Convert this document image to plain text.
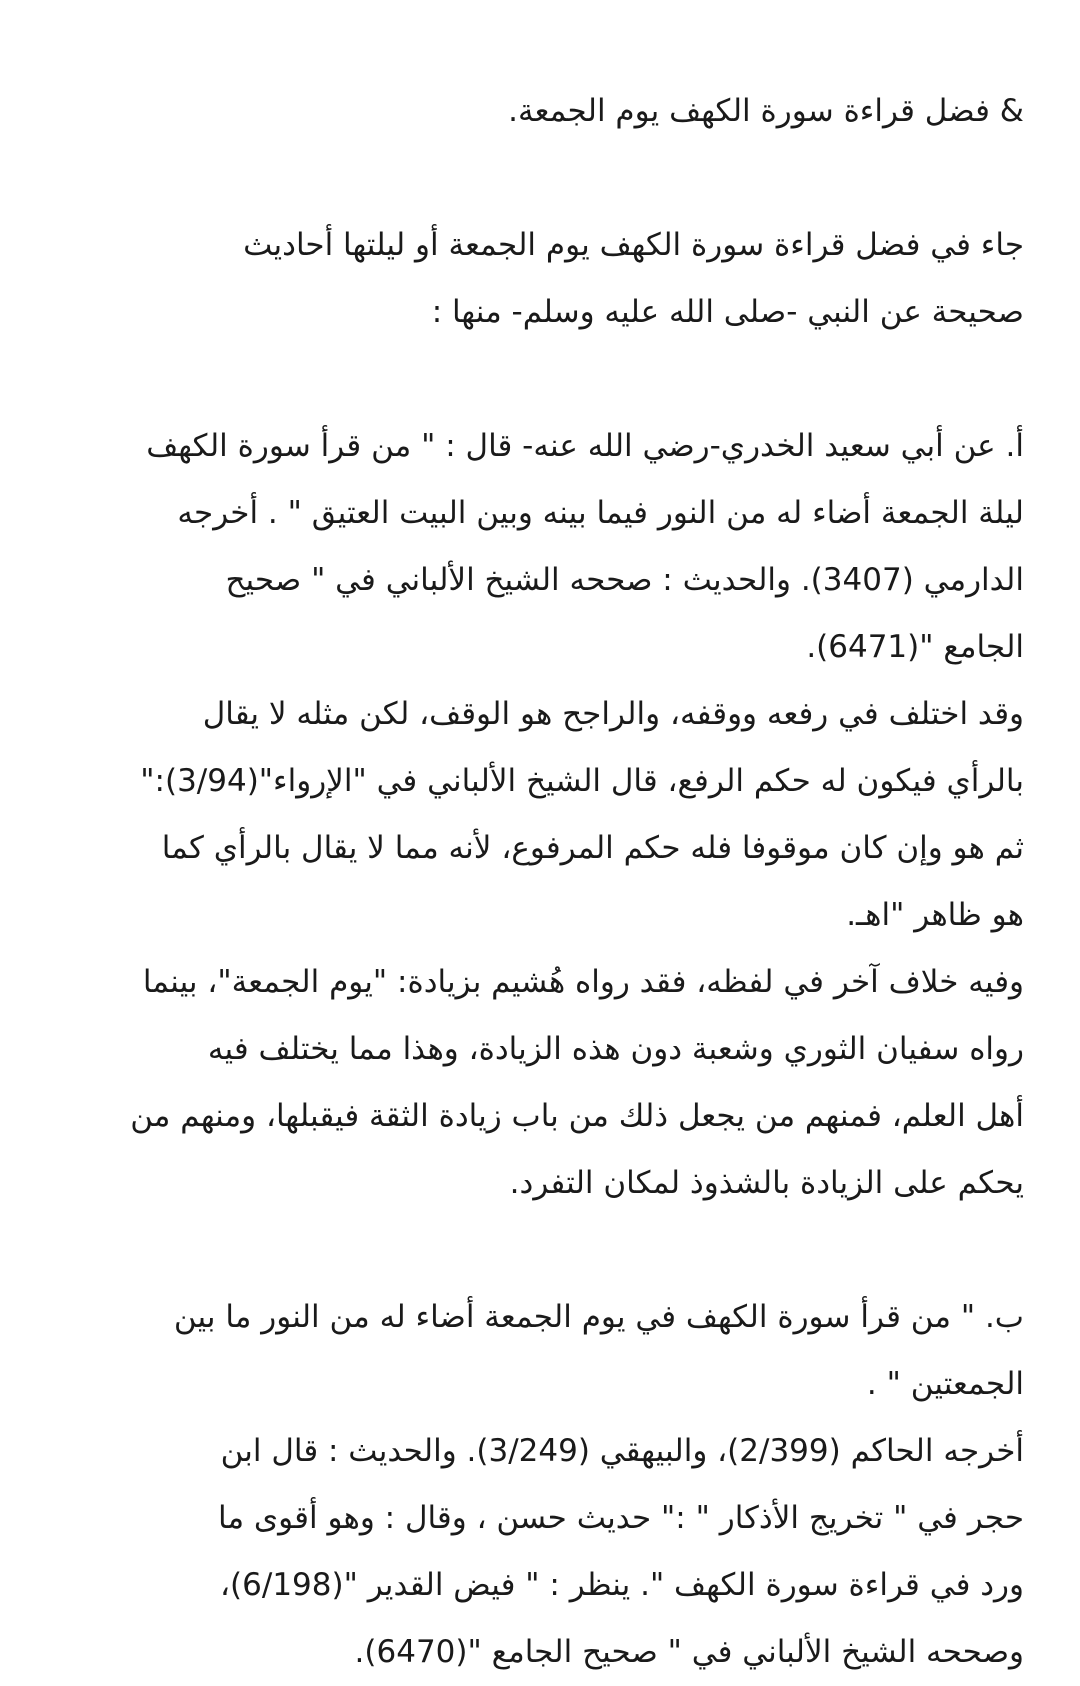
& فضل قراءة سورة الكهف يوم الجمعة.
جاء في فضل قراءة سورة الكهف يوم الجمعة أو ليلتها أحاديث
صحيحة عن النبي -صلى الله عليه وسلم- منها :
أ. عن أبي سعيد الخدري-رضي الله عنه- قال : " من قرأ سورة الكهف
ليلة الجمعة أضاء له من النور فيما بينه وبين البيت العتيق " . أخرجه
الدارمي (3407). والحديث : صححه الشيخ الألباني في " صحيح
الجامع "(6471).
وقد اختلف في رفعه ووقفه، والراجح هو الوقف، لكن مثله لا يقال
بالرأي فيكون له حكم الرفع، قال الشيخ الألباني في "الإرواء"(3/94):"
ثم هو وإن كان موقوفا فله حكم المرفوع، لأنه مما لا يقال بالرأي كما
هو ظاهر "اهـ.
وفيه خلاف آخر في لفظه، فقد رواه هُشيم بزيادة: "يوم الجمعة"، بينما
رواه سفيان الثوري وشعبة دون هذه الزيادة، وهذا مما يختلف فيه
أهل العلم، فمنهم من يجعل ذلك من باب زيادة الثقة فيقبلها، ومنهم من
يحكم على الزيادة بالشذوذ لمكان التفرد.
ب. " من قرأ سورة الكهف في يوم الجمعة أضاء له من النور ما بين
الجمعتين " .
أخرجه الحاكم (2/399)، والبيهقي (3/249). والحديث : قال ابن
حجر في " تخريج الأذكار " :" حديث حسن ، وقال : وهو أقوى ما
ورد في قراءة سورة الكهف ". ينظر : " فيض القدير "(6/198)،
وصححه الشيخ الألباني في " صحيح الجامع "(6470).
